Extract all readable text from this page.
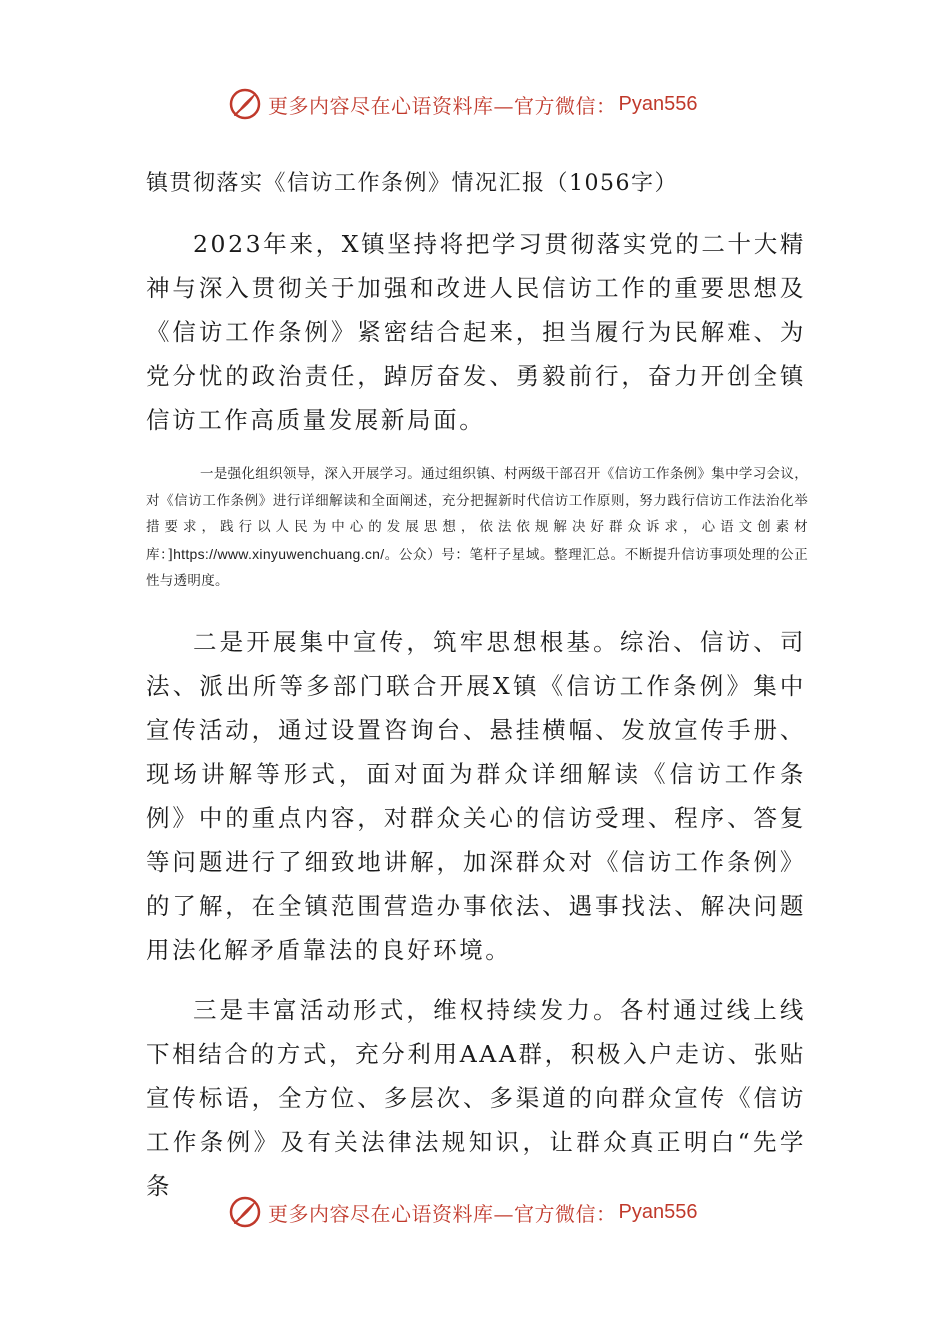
更多内容尽在心语资料库—官方微信： Pyan556
镇贯彻落实《信访工作条例》情况汇报（1056字）

2023年来，X镇坚持将把学习贯彻落实党的二十大精神与深入贯彻关于加强和改进人民信访工作的重要思想及《信访工作条例》紧密结合起来，担当履行为民解难、为党分忧的政治责任，踔厉奋发、勇毅前行，奋力开创全镇信访工作高质量发展新局面。

一是强化组织领导，深入开展学习。通过组织镇、村两级干部召开《信访工作条例》集中学习会议，对《信访工作条例》进行详细解读和全面阐述，充分把握新时代信访工作原则，努力践行信访工作法治化举措要求，践行以人民为中心的发展思想，依法依规解决好群众诉求，心语文创素材库：]https://www.xinyuwenchuang.cn/。公众）号：笔杆子星域。整理汇总。不断提升信访事项处理的公正性与透明度。

二是开展集中宣传，筑牢思想根基。综治、信访、司法、派出所等多部门联合开展X镇《信访工作条例》集中宣传活动，通过设置咨询台、悬挂横幅、发放宣传手册、现场讲解等形式，面对面为群众详细解读《信访工作条例》中的重点内容，对群众关心的信访受理、程序、答复等问题进行了细致地讲解，加深群众对《信访工作条例》的了解，在全镇范围营造办事依法、遇事找法、解决问题用法化解矛盾靠法的良好环境。

三是丰富活动形式，维权持续发力。各村通过线上线下相结合的方式，充分利用AAA群，积极入户走访、张贴宣传标语，全方位、多层次、多渠道的向群众宣传《信访工作条例》及有关法律法规知识，让群众真正明白“先学条

更多内容尽在心语资料库—官方微信： Pyan556
